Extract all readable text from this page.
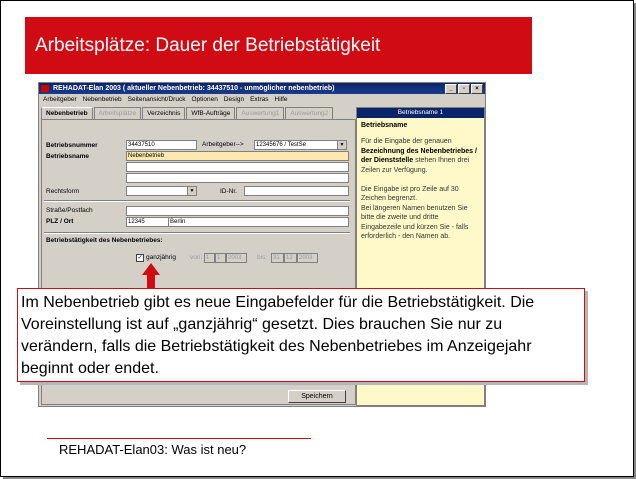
Arbeitsplätze: Dauer der Betriebstätigkeit
REHADAT-Elan 2003 ( aktueller Nebenbetrieb: 34437510 - unmöglicher nebenbetrieb)	_	▫	×
Arbeitgeber Nebenbetrieb Seitenansicht/Druck Optionen Design Extras Hilfe
Nebenbetrieb	Arbeitsplätze	Verzeichnis	WfB-Aufträge	Auswertung1	Auswertung2
Betriebsnummer	34437510	Arbeitgeber-->	12345676 / TestSe	▼
Betriebsname	Nebenbetrieb
Rechtsform	▼	ID-Nr.
Straße/Postfach
PLZ / Ort	12345	Berlin
Betriebstätigkeit des Nebenbetriebes:
✓ ganzjährig von: 1	1	2003	bis: 31	12	2003
Speichern
Betriebsname 1
Betriebsname
Für die Eingabe der genauen Bezeichnung des Nebenbetriebes / der Dienststelle stehen Ihnen drei Zeilen zur Verfügung.

Die Eingabe ist pro Zeile auf 30 Zeichen begrenzt.
Bei längeren Namen benutzen Sie bitte die zweite und dritte Eingabezeile und kürzen Sie - falls erforderlich - den Namen ab.
Im Nebenbetrieb gibt es neue Eingabefelder für die Betriebstätigkeit. Die Voreinstellung ist auf „ganzjährig“ gesetzt. Dies brauchen Sie nur zu verändern, falls die Betriebstätigkeit des Nebenbetriebes im Anzeigejahr beginnt oder endet.
REHADAT-Elan03: Was ist neu?
